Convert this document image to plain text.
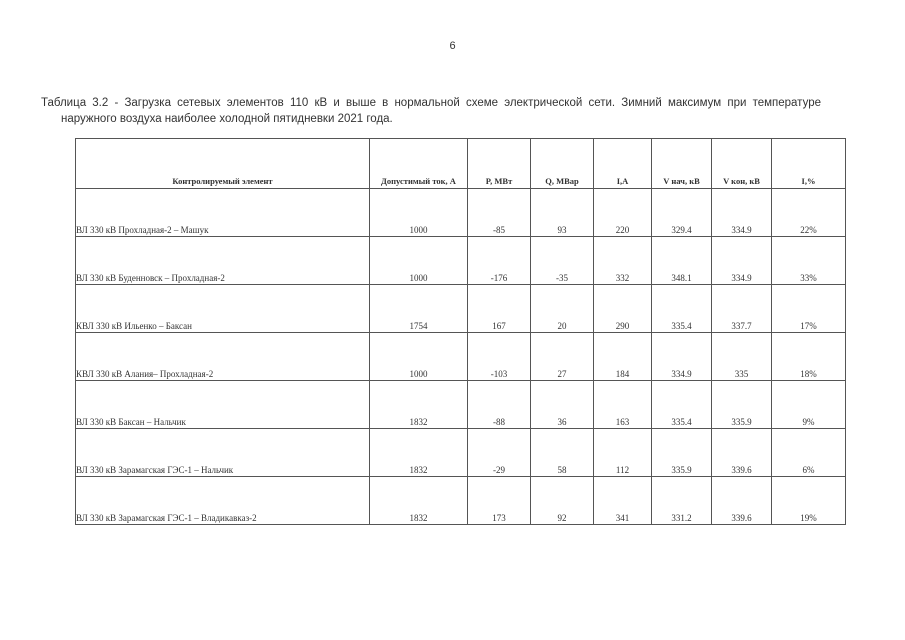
6
Таблица 3.2 - Загрузка сетевых элементов 110 кВ и выше в нормальной схеме электрической сети. Зимний максимум при температуре
наружного воздуха наиболее холодной пятидневки 2021 года.
Контролируемый элемент	Допустимый ток, А	P, МВт	Q, МВар	I,А	V нач, кВ	V кон, кВ	I,%

ВЛ 330 кВ Прохладная-2 – Машук	1000	-85	93	220	329.4	334.9	22%

ВЛ 330 кВ Буденновск – Прохладная-2	1000	-176	-35	332	348.1	334.9	33%

КВЛ 330 кВ Ильенко – Баксан	1754	167	20	290	335.4	337.7	17%

КВЛ 330 кВ Алания– Прохладная-2	1000	-103	27	184	334.9	335	18%

ВЛ 330 кВ Баксан – Нальчик	1832	-88	36	163	335.4	335.9	9%

ВЛ 330 кВ Зарамагская ГЭС-1 – Нальчик	1832	-29	58	112	335.9	339.6	6%

ВЛ 330 кВ Зарамагская ГЭС-1 – Владикавказ-2	1832	173	92	341	331.2	339.6	19%
